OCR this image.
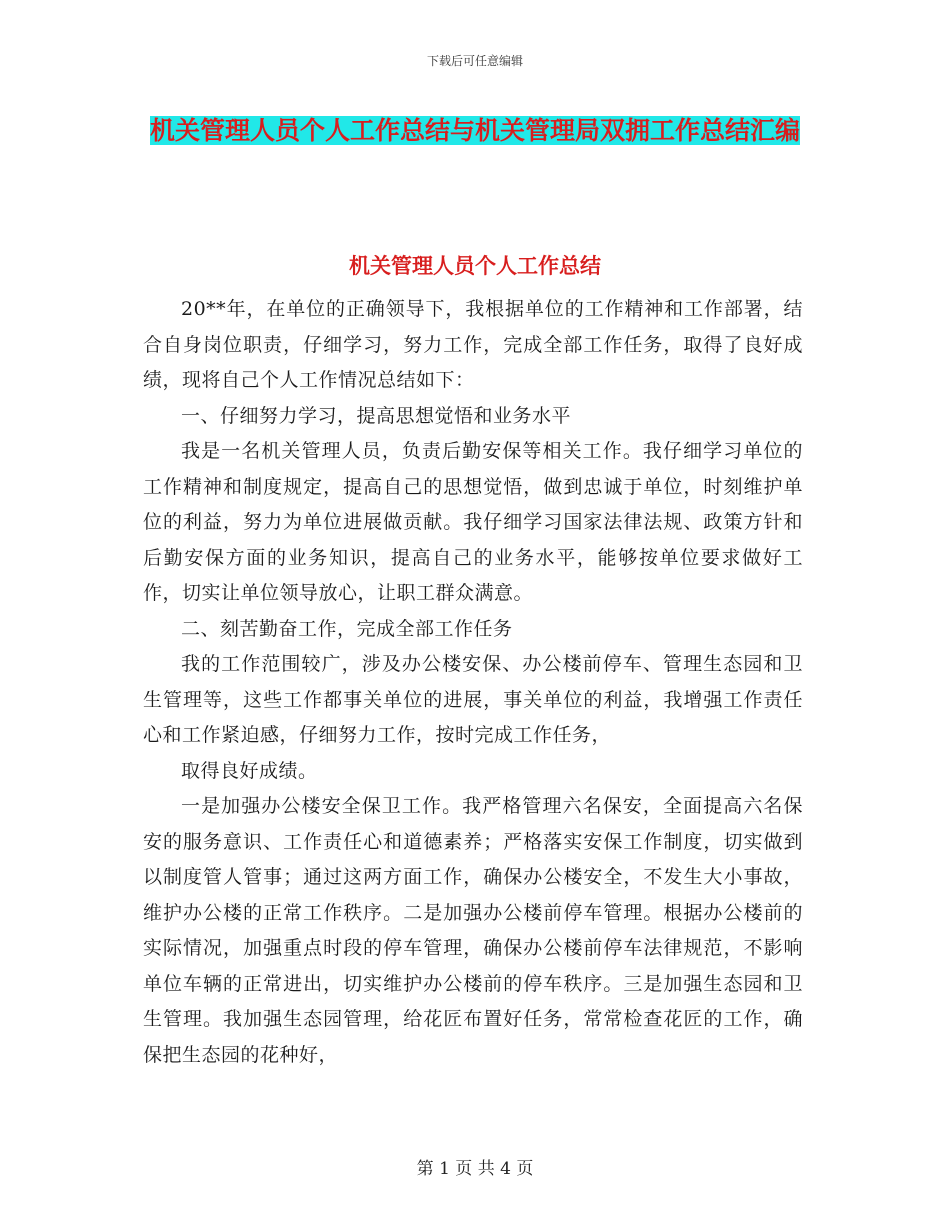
下载后可任意编辑
机关管理人员个人工作总结与机关管理局双拥工作总结汇编
机关管理人员个人工作总结

20**年，在单位的正确领导下，我根据单位的工作精神和工作部署，结合自身岗位职责，仔细学习，努力工作，完成全部工作任务，取得了良好成绩，现将自己个人工作情况总结如下：

一、仔细努力学习，提高思想觉悟和业务水平

我是一名机关管理人员，负责后勤安保等相关工作。我仔细学习单位的工作精神和制度规定，提高自己的思想觉悟，做到忠诚于单位，时刻维护单位的利益，努力为单位进展做贡献。我仔细学习国家法律法规、政策方针和后勤安保方面的业务知识，提高自己的业务水平，能够按单位要求做好工作，切实让单位领导放心，让职工群众满意。

二、刻苦勤奋工作，完成全部工作任务

我的工作范围较广，涉及办公楼安保、办公楼前停车、管理生态园和卫生管理等，这些工作都事关单位的进展，事关单位的利益，我增强工作责任心和工作紧迫感，仔细努力工作，按时完成工作任务，

取得良好成绩。

一是加强办公楼安全保卫工作。我严格管理六名保安，全面提高六名保安的服务意识、工作责任心和道德素养；严格落实安保工作制度，切实做到以制度管人管事；通过这两方面工作，确保办公楼安全，不发生大小事故，维护办公楼的正常工作秩序。二是加强办公楼前停车管理。根据办公楼前的实际情况，加强重点时段的停车管理，确保办公楼前停车法律规范，不影响单位车辆的正常进出，切实维护办公楼前的停车秩序。三是加强生态园和卫生管理。我加强生态园管理，给花匠布置好任务，常常检查花匠的工作，确保把生态园的花种好，

第 1 页 共 4 页
